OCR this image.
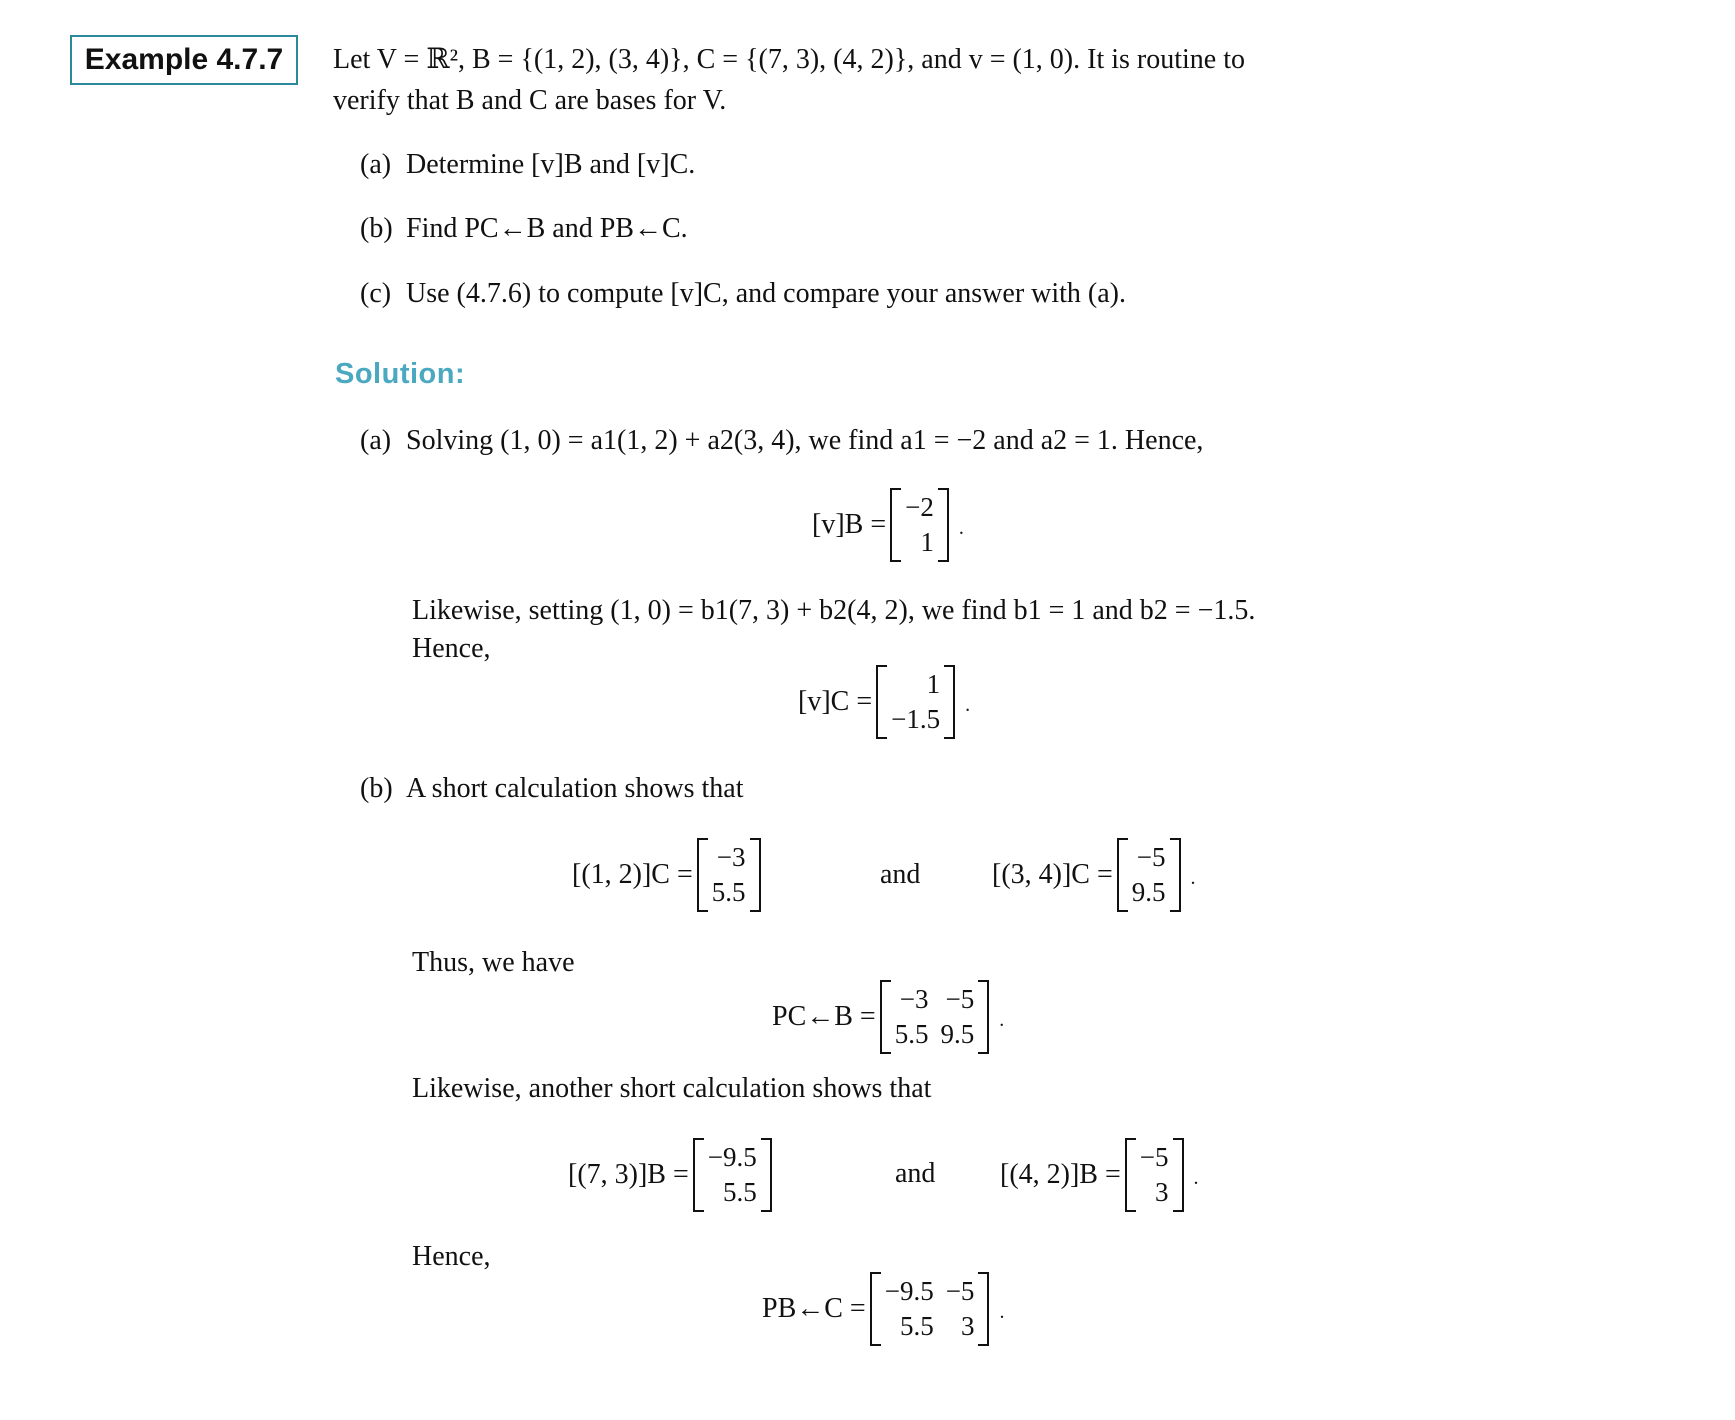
Example 4.7.7	Let V = ℝ², B = {(1, 2), (3, 4)}, C = {(7, 3), (4, 2)}, and v = (1, 0). It is routine to
verify that B and C are bases for V.
(a) Determine [v]B and [v]C.
(b) Find PC←B and PB←C.
(c) Use (4.7.6) to compute [v]C, and compare your answer with (a).
Solution:
(a) Solving (1, 0) = a1(1, 2) + a2(3, 4), we find a1 = −2 and a2 = 1. Hence,
[v]B =
−2
1 .
Likewise, setting (1, 0) = b1(7, 3) + b2(4, 2), we find b1 = 1 and b2 = −1.5.
Hence,
[v]C =
1
−1.5 .
(b) A short calculation shows that
[(1, 2)]C =
−3
5.5
and	[(3, 4)]C =
−5
9.5 .
Thus, we have
PC←B =
−3 −5
5.5 9.5 .
Likewise, another short calculation shows that
[(7, 3)]B =
−9.5
5.5
and [(4, 2)]B =
−5
3 .
Hence,
PB←C =
−9.5 −5
5.5	3 .
